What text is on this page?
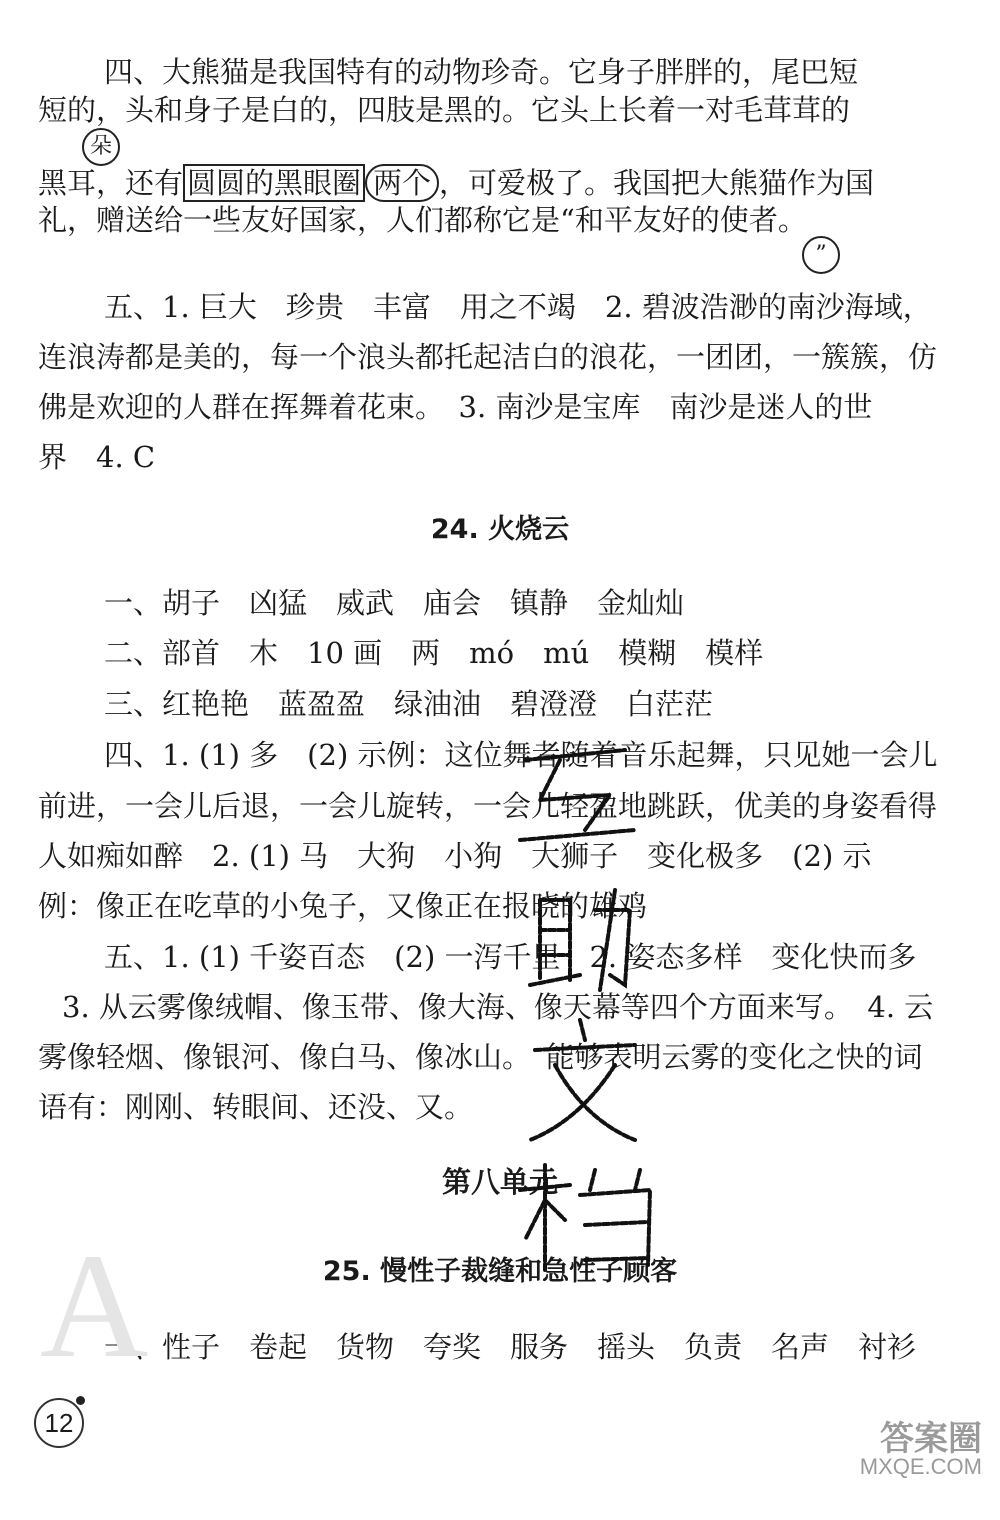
四、大熊猫是我国特有的动物珍奇。它身子胖胖的，尾巴短
短的，头和身子是白的，四肢是黑的。它头上长着一对毛茸茸的
朵
黑耳，还有 圆圆的黑眼圈 两个 ，可爱极了。我国把大熊猫作为国
礼，赠送给一些友好国家，人们都称它是“和平友好的使者。
”
五、1. 巨大　珍贵　丰富　用之不竭　2. 碧波浩渺的南沙海域，
连浪涛都是美的，每一个浪头都托起洁白的浪花，一团团，一簇簇，仿
佛是欢迎的人群在挥舞着花束。　3. 南沙是宝库　南沙是迷人的世
界　4. C
24. 火烧云
一、胡子　凶猛　威武　庙会　镇静　金灿灿
二、部首　木　10 画　两　mó　mú　模糊　模样
三、红艳艳　蓝盈盈　绿油油　碧澄澄　白茫茫
四、1. (1) 多　(2) 示例：这位舞者随着音乐起舞，只见她一会儿
前进，一会儿后退，一会儿旋转，一会儿轻盈地跳跃，优美的身姿看得
人如痴如醉　2. (1) 马　大狗　小狗　大狮子　变化极多　(2) 示
例：像正在吃草的小兔子，又像正在报晓的雄鸡
五、1. (1) 千姿百态　(2) 一泻千里　2. 姿态多样　变化快而多
3. 从云雾像绒帽、像玉带、像大海、像天幕等四个方面来写。　4. 云
雾像轻烟、像银河、像白马、像冰山。　能够表明云雾的变化之快的词
语有：刚刚、转眼间、还没、又。
第八单元
25. 慢性子裁缝和急性子顾客
一、性子　卷起　货物　夸奖　服务　摇头　负责　名声　衬衫
A
12	答案圈
MXQE.COM
